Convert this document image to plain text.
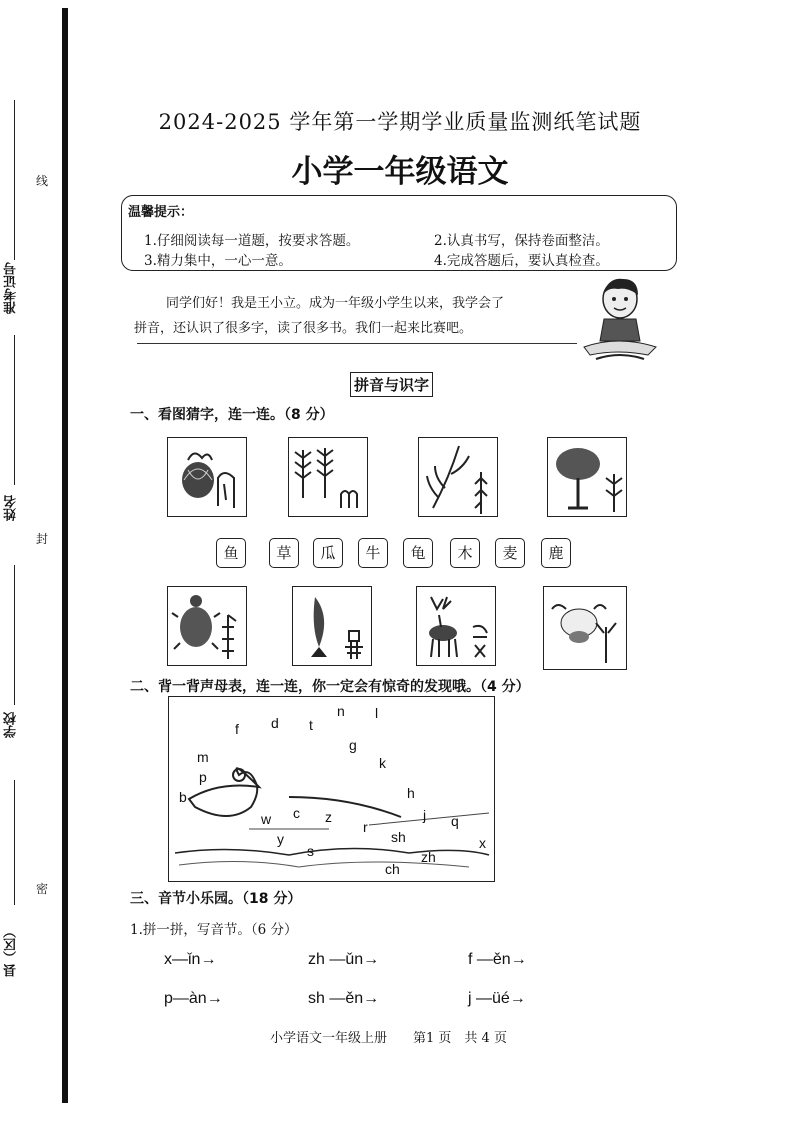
准考证号
姓名
学校
县（区）
线
封
密
2024-2025 学年第一学期学业质量监测纸笔试题
小学一年级语文
温馨提示：
1.仔细阅读每一道题，按要求答题。	2.认真书写，保持卷面整洁。
3.精力集中，一心一意。	4.完成答题后，要认真检查。
同学们好！我是王小立。成为一年级小学生以来，我学会了
拼音，还认识了很多字，读了很多书。我们一起来比赛吧。
拼音与识字
一、看图猜字，连一连。（8 分）
鱼	草	瓜	牛	龟	木	麦	鹿
二、背一背声母表，连一连，你一定会有惊奇的发现哦。（4 分）
b
p
m
f d t
n l
g
k
h
j q
x
zh
ch
sh
r
z
c
s
y
w
三、音节小乐园。（18 分）
1.拼一拼，写音节。（6 分）
x—ǐn→	zh —ǔn→	f —ěn→
p—àn→	sh —ěn→	j —üé→
小学语文一年级上册　　第1 页　共 4 页
